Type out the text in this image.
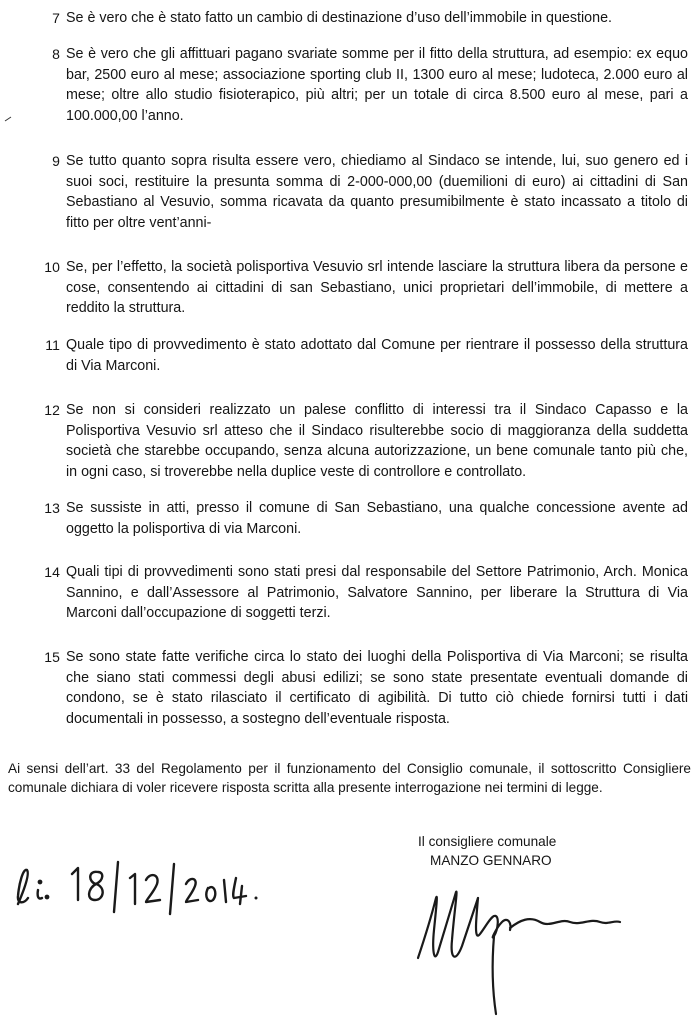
7 Se è vero che è stato fatto un cambio di destinazione d’uso dell’immobile in questione.
8 Se è vero che gli affittuari pagano svariate somme per il fitto della struttura, ad esempio: ex equo bar, 2500 euro al mese; associazione sporting club II, 1300 euro al mese; ludoteca, 2.000 euro al mese; oltre allo studio fisioterapico, più altri; per un totale di circa 8.500 euro al mese, pari a 100.000,00 l’anno.
9 Se tutto quanto sopra risulta essere vero, chiediamo al Sindaco se intende, lui, suo genero ed i suoi soci, restituire la presunta somma di 2-000-000,00 (duemilioni di euro) ai cittadini di San Sebastiano al Vesuvio, somma ricavata da quanto presumibilmente è stato incassato a titolo di fitto per oltre vent’anni-
10 Se, per l’effetto, la società polisportiva Vesuvio srl intende lasciare la struttura libera da persone e cose, consentendo ai cittadini di san Sebastiano, unici proprietari dell’immobile, di mettere a reddito la struttura.
11 Quale tipo di provvedimento è stato adottato dal Comune per rientrare il possesso della struttura di Via Marconi.
12 Se non si consideri realizzato un palese conflitto di interessi tra il Sindaco Capasso e la Polisportiva Vesuvio srl atteso che il Sindaco risulterebbe socio di maggioranza della suddetta società che starebbe occupando, senza alcuna autorizzazione, un bene comunale tanto più che, in ogni caso, si troverebbe nella duplice veste di controllore e controllato.
13 Se sussiste in atti, presso il comune di San Sebastiano, una qualche concessione avente ad oggetto la polisportiva di via Marconi.
14 Quali tipi di provvedimenti sono stati presi dal responsabile del Settore Patrimonio, Arch. Monica Sannino, e dall’Assessore al Patrimonio, Salvatore Sannino, per liberare la Struttura di Via Marconi dall’occupazione di soggetti terzi.
15 Se sono state fatte verifiche circa lo stato dei luoghi della Polisportiva di Via Marconi; se risulta che siano stati commessi degli abusi edilizi; se sono state presentate eventuali domande di condono, se è stato rilasciato il certificato di agibilità. Di tutto ciò chiede fornirsi tutti i dati documentali in possesso, a sostegno dell’eventuale risposta.
Ai sensi dell’art. 33 del Regolamento per il funzionamento del Consiglio comunale, il sottoscritto Consigliere comunale dichiara di voler ricevere risposta scritta alla presente interrogazione nei termini di legge.
Il consigliere comunale
MANZO GENNARO
